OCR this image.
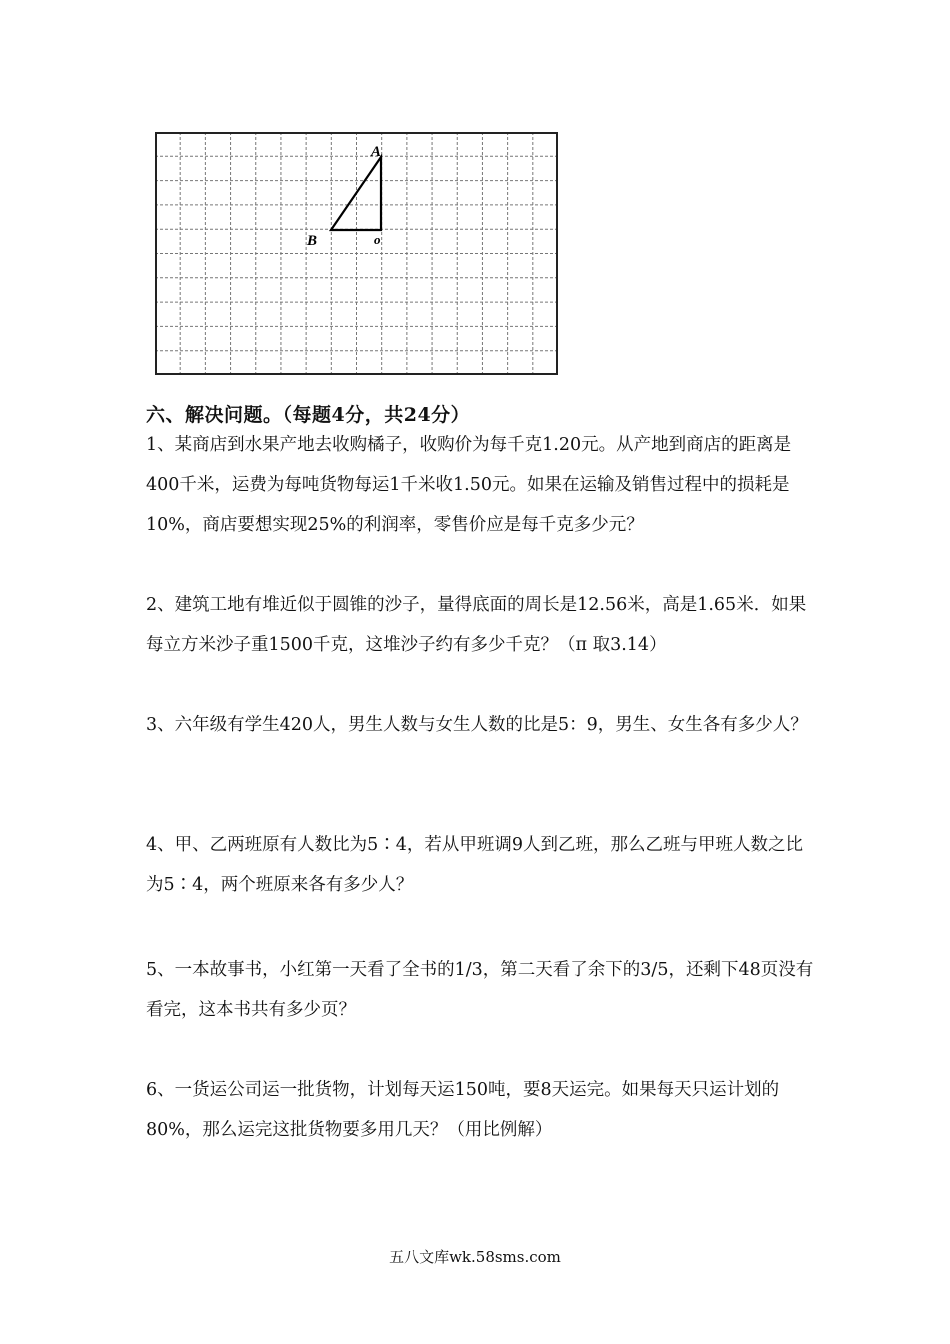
A
B	o
六、解决问题。（每题4分，共24分）

1、某商店到水果产地去收购橘子，收购价为每千克1.20元。从产地到商店的距离是400千米，运费为每吨货物每运1千米收1.50元。如果在运输及销售过程中的损耗是10%，商店要想实现25%的利润率，零售价应是每千克多少元？

2、建筑工地有堆近似于圆锥的沙子，量得底面的周长是12.56米，高是1.65米．如果每立方米沙子重1500千克，这堆沙子约有多少千克？（π 取3.14）

3、六年级有学生420人，男生人数与女生人数的比是5：9，男生、女生各有多少人？

4、甲、乙两班原有人数比为5∶4，若从甲班调9人到乙班，那么乙班与甲班人数之比为5∶4，两个班原来各有多少人？

5、一本故事书，小红第一天看了全书的1/3，第二天看了余下的3/5，还剩下48页没有看完，这本书共有多少页？

6、一货运公司运一批货物，计划每天运150吨，要8天运完。如果每天只运计划的80%，那么运完这批货物要多用几天？（用比例解）

五八文库wk.58sms.com
